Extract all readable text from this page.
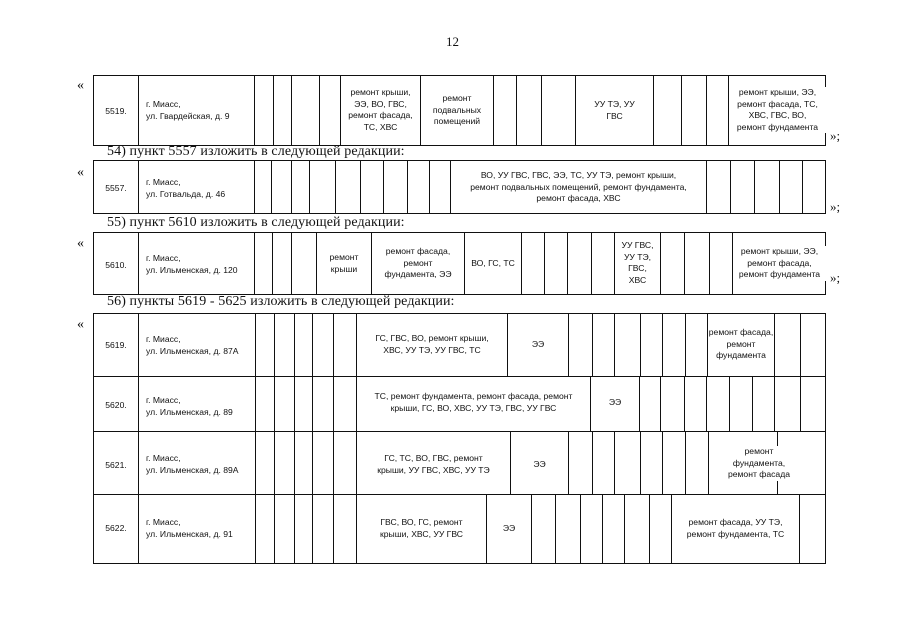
12
«
5519.
г. Миасс,
ул. Гвардейская, д. 9
ремонт крыши,
ЭЭ, ВО, ГВС,
ремонт фасада,
ТС, ХВС
ремонт
подвальных
помещений
УУ ТЭ, УУ
ГВС
ремонт крыши, ЭЭ,
ремонт фасада, ТС,
ХВС, ГВС, ВО,
ремонт фундамента
»;
54) пункт 5557 изложить в следующей редакции:
«
5557.
г. Миасс,
ул. Готвальда, д. 46
ВО, УУ ГВС, ГВС, ЭЭ, ТС, УУ ТЭ, ремонт крыши,
ремонт подвальных помещений, ремонт фундамента,
ремонт фасада, ХВС
»;
55) пункт 5610 изложить в следующей редакции:
«
5610.
г. Миасс,
ул. Ильменская, д. 120
ремонт
крыши
ремонт фасада,
ремонт
фундамента, ЭЭ
ВО, ГС, ТС
УУ ГВС,
УУ ТЭ,
ГВС,
ХВС
ремонт крыши, ЭЭ,
ремонт фасада,
ремонт фундамента »;
56) пункты 5619 - 5625 изложить в следующей редакции:
«
5619.
г. Миасс,
ул. Ильменская, д. 87А
ГС, ГВС, ВО, ремонт крыши,
ХВС, УУ ТЭ, УУ ГВС, ТС
ЭЭ
ремонт фасада,
ремонт
фундамента
5620.	г. Миасс,
ул. Ильменская, д. 89
ТС, ремонт фундамента, ремонт фасада, ремонт
крыши, ГС, ВО, ХВС, УУ ТЭ, ГВС, УУ ГВС
ЭЭ
5621.
г. Миасс,
ул. Ильменская, д. 89А
ГС, ТС, ВО, ГВС, ремонт
крыши, УУ ГВС, ХВС, УУ ТЭ
ЭЭ
ремонт
фундамента,
ремонт фасада
5622.
г. Миасс,
ул. Ильменская, д. 91
ГВС, ВО, ГС, ремонт
крыши, ХВС, УУ ГВС
ЭЭ
ремонт фасада, УУ ТЭ,
ремонт фундамента, ТС
